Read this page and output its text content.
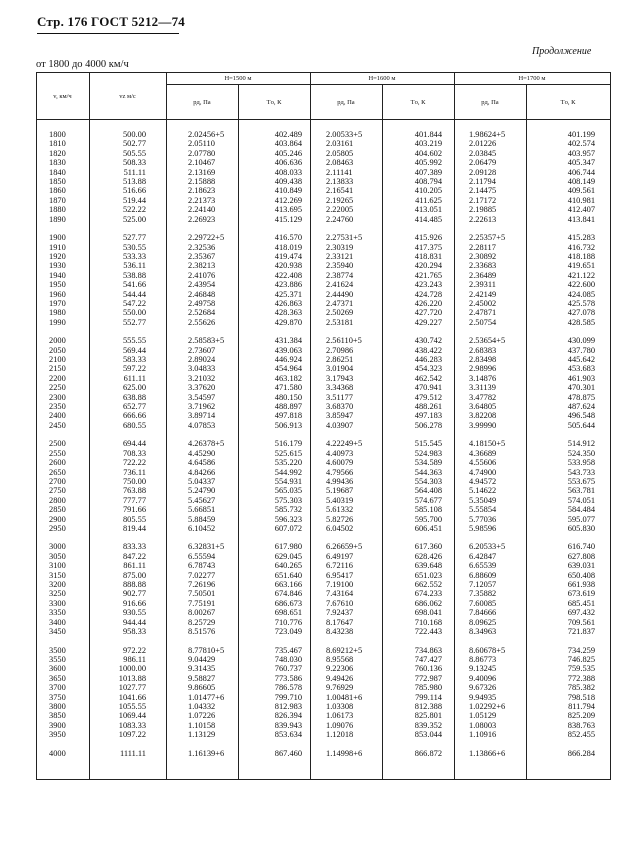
Стр. 176 ГОСТ 5212—74
Продолжение
от 1800 до 4000 км/ч
v, км/ч	vz м/с
H=1500 м	H=1600 м	H=1700 м
pд, Па	Tо, К	pд, Па	Tо, К	pд, Па	Tо, К
1800	500.00	2.02456+5	402.489	2.00533+5	401.844	1.98624+5	401.199
1810	502.77	2.05110	403.864	2.03161	403.219	2.01226	402.574
1820	505.55	2.07780	405.246	2.05805	404.602	2.03845	403.957
1830	508.33	2.10467	406.636	2.08463	405.992	2.06479	405.347
1840	511.11	2.13169	408.033	2.11141	407.389	2.09128	406.744
1850	513.88	2.15888	409.438	2.13833	408.794	2.11794	408.149
1860	516.66	2.18623	410.849	2.16541	410.205	2.14475	409.561
1870	519.44	2.21373	412.269	2.19265	411.625	2.17172	410.981
1880	522.22	2.24140	413.695	2.22005	413.051	2.19885	412.407
1890	525.00	2.26923	415.129	2.24760	414.485	2.22613	413.841
1900	527.77	2.29722+5	416.570	2.27531+5	415.926	2.25357+5	415.283
1910	530.55	2.32536	418.019	2.30319	417.375	2.28117	416.732
1920	533.33	2.35367	419.474	2.33121	418.831	2.30892	418.188
1930	536.11	2.38213	420.938	2.35940	420.294	2.33683	419.651
1940	538.88	2.41076	422.408	2.38774	421.765	2.36489	421.122
1950	541.66	2.43954	423.886	2.41624	423.243	2.39311	422.600
1960	544.44	2.46848	425.371	2.44490	424.728	2.42149	424.085
1970	547.22	2.49758	426.863	2.47371	426.220	2.45002	425.578
1980	550.00	2.52684	428.363	2.50269	427.720	2.47871	427.078
1990	552.77	2.55626	429.870	2.53181	429.227	2.50754	428.585
2000	555.55	2.58583+5	431.384	2.56110+5	430.742	2.53654+5	430.099
2050	569.44	2.73607	439.063	2.70986	438.422	2.68383	437.780
2100	583.33	2.89024	446.924	2.86251	446.283	2.83498	445.642
2150	597.22	3.04833	454.964	3.01904	454.323	2.98996	453.683
2200	611.11	3.21032	463.182	3.17943	462.542	3.14876	461.903
2250	625.00	3.37620	471.580	3.34368	470.941	3.31139	470.301
2300	638.88	3.54597	480.150	3.51177	479.512	3.47782	478.875
2350	652.77	3.71962	488.897	3.68370	488.261	3.64805	487.624
2400	666.66	3.89714	497.818	3.85947	497.183	3.82208	496.548
2450	680.55	4.07853	506.913	4.03907	506.278	3.99990	505.644
2500	694.44	4.26378+5	516.179	4.22249+5	515.545	4.18150+5	514.912
2550	708.33	4.45290	525.615	4.40973	524.983	4.36689	524.350
2600	722.22	4.64586	535.220	4.60079	534.589	4.55606	533.958
2650	736.11	4.84266	544.992	4.79566	544.363	4.74900	543.733
2700	750.00	5.04337	554.931	4.99436	554.303	4.94572	553.675
2750	763.88	5.24790	565.035	5.19687	564.408	5.14622	563.781
2800	777.77	5.45627	575.303	5.40319	574.677	5.35049	574.051
2850	791.66	5.66851	585.732	5.61332	585.108	5.55854	584.484
2900	805.55	5.88459	596.323	5.82726	595.700	5.77036	595.077
2950	819.44	6.10452	607.072	6.04502	606.451	5.98596	605.830
3000	833.33	6.32831+5	617.980	6.26659+5	617.360	6.20533+5	616.740
3050	847.22	6.55594	629.045	6.49197	628.426	6.42847	627.808
3100	861.11	6.78743	640.265	6.72116	639.648	6.65539	639.031
3150	875.00	7.02277	651.640	6.95417	651.023	6.88609	650.408
3200	888.88	7.26196	663.166	7.19100	662.552	7.12057	661.938
3250	902.77	7.50501	674.846	7.43164	674.233	7.35882	673.619
3300	916.66	7.75191	686.673	7.67610	686.062	7.60085	685.451
3350	930.55	8.00267	698.651	7.92437	698.041	7.84666	697.432
3400	944.44	8.25729	710.776	8.17647	710.168	8.09625	709.561
3450	958.33	8.51576	723.049	8.43238	722.443	8.34963	721.837
3500	972.22	8.77810+5	735.467	8.69212+5	734.863	8.60678+5	734.259
3550	986.11	9.04429	748.030	8.95568	747.427	8.86773	746.825
3600	1000.00	9.31435	760.737	9.22306	760.136	9.13245	759.535
3650	1013.88	9.58827	773.586	9.49426	772.987	9.40096	772.388
3700	1027.77	9.86605	786.578	9.76929	785.980	9.67326	785.382
3750	1041.66	1.01477+6	799.710	1.00481+6	799.114	9.94935	798.518
3800	1055.55	1.04332	812.983	1.03308	812.388	1.02292+6	811.794
3850	1069.44	1.07226	826.394	1.06173	825.801	1.05129	825.209
3900	1083.33	1.10158	839.943	1.09076	839.352	1.08003	838.763
3950	1097.22	1.13129	853.634	1.12018	853.044	1.10916	852.455
4000	1111.11	1.16139+6	867.460	1.14998+6	866.872	1.13866+6	866.284
